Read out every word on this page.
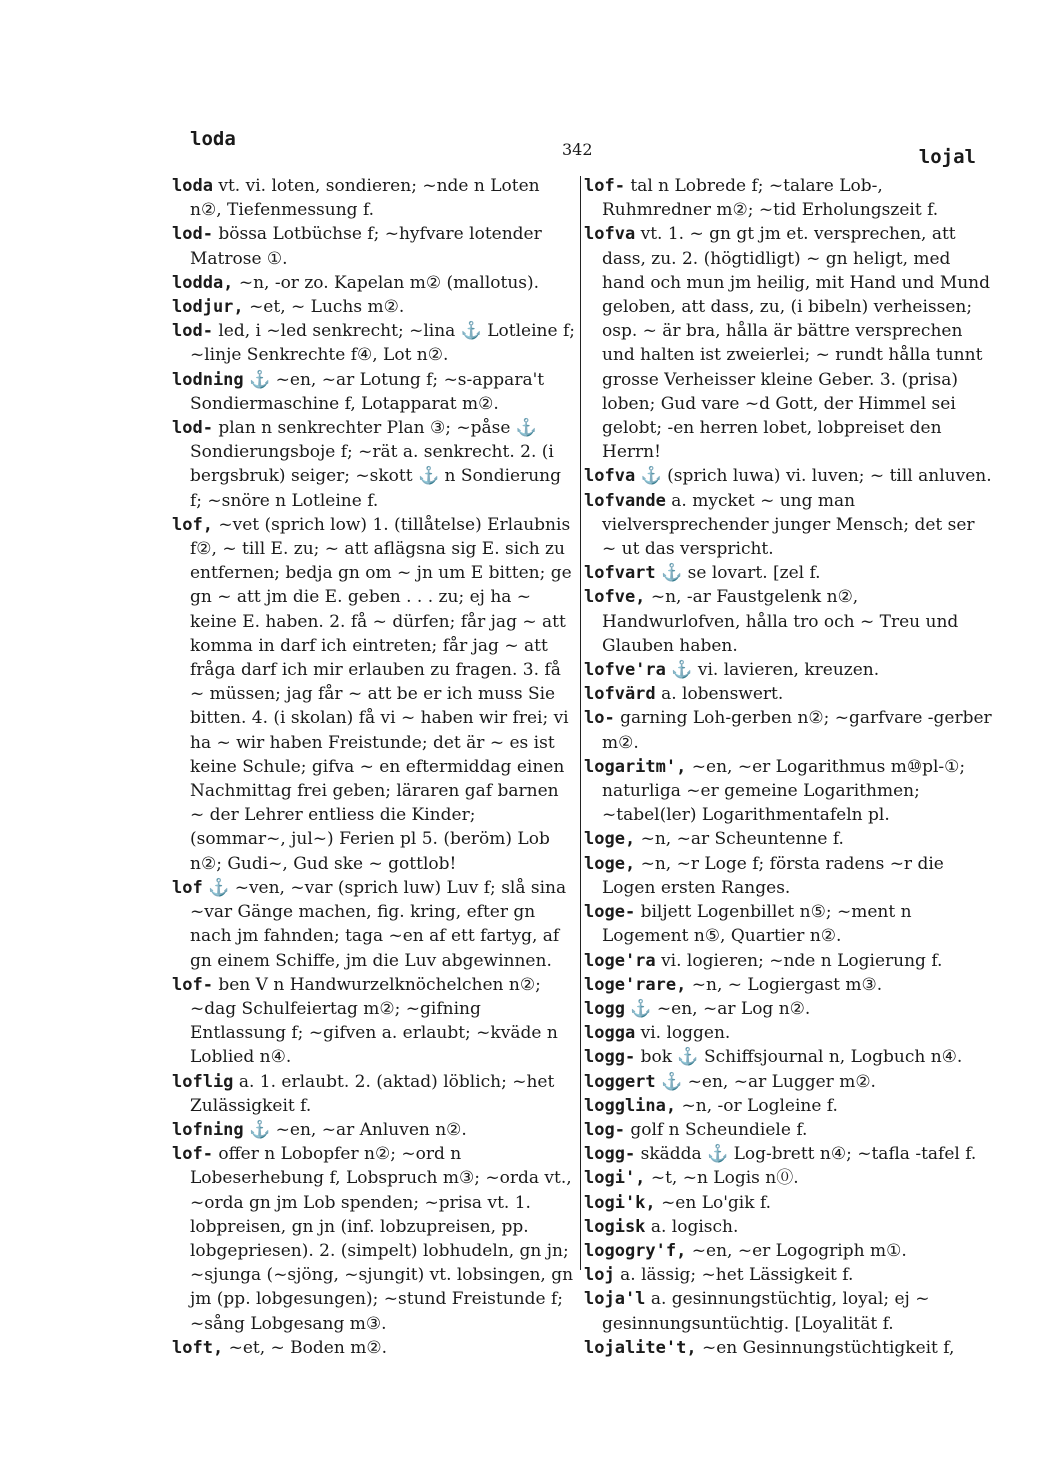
loda	342	lojal

loda vt. vi. loten, sondieren; ~nde n Loten n②, Tiefenmessung f.

lod- bössa Lotbüchse f; ~hyfvare lotender Matrose ①.

lodda, ~n, -or zo. Kapelan m② (mallotus).

lodjur, ~et, ~ Luchs m②.

lod- led, i ~led senkrecht; ~lina ⚓ Lotleine f; ~linje Senkrechte f④, Lot n②.

lodning ⚓ ~en, ~ar Lotung f; ~s-appara't Sondiermaschine f, Lotapparat m②.

lod- plan n senkrechter Plan ③; ~påse ⚓ Sondierungsboje f; ~rät a. senkrecht. 2. (i bergsbruk) seiger; ~skott ⚓ n Sondierung f; ~snöre n Lotleine f.

lof, ~vet (sprich low) 1. (tillåtelse) Erlaubnis f②, ~ till E. zu; ~ att aflägsna sig E. sich zu entfernen; bedja gn om ~ jn um E bitten; ge gn ~ att jm die E. geben . . . zu; ej ha ~ keine E. haben. 2. få ~ dürfen; får jag ~ att komma in darf ich eintreten; får jag ~ att fråga darf ich mir erlauben zu fragen. 3. få ~ müssen; jag får ~ att be er ich muss Sie bitten. 4. (i skolan) få vi ~ haben wir frei; vi ha ~ wir haben Freistunde; det är ~ es ist keine Schule; gifva ~ en eftermiddag einen Nachmittag frei geben; läraren gaf barnen ~ der Lehrer entliess die Kinder; (sommar~, jul~) Ferien pl 5. (beröm) Lob n②; Gudi~, Gud ske ~ gottlob!

lof ⚓ ~ven, ~var (sprich luw) Luv f; slå sina ~var Gänge machen, fig. kring, efter gn nach jm fahnden; taga ~en af ett fartyg, af gn einem Schiffe, jm die Luv abgewinnen.

lof- ben V n Handwurzelknöchelchen n②; ~dag Schulfeiertag m②; ~gifning Entlassung f; ~gifven a. erlaubt; ~kväde n Loblied n④.

loflig a. 1. erlaubt. 2. (aktad) löblich; ~het Zulässigkeit f.

lofning ⚓ ~en, ~ar Anluven n②.

lof- offer n Lobopfer n②; ~ord n Lobeserhebung f, Lobspruch m③; ~orda vt., ~orda gn jm Lob spenden; ~prisa vt. 1. lobpreisen, gn jn (inf. lobzupreisen, pp. lobgepriesen). 2. (simpelt) lobhudeln, gn jn; ~sjunga (~sjöng, ~sjungit) vt. lobsingen, gn jm (pp. lobgesungen); ~stund Freistunde f; ~sång Lobgesang m③.

loft, ~et, ~ Boden m②.

lof- tal n Lobrede f; ~talare Lob-, Ruhmredner m②; ~tid Erholungszeit f.

lofva vt. 1. ~ gn gt jm et. versprechen, att dass, zu. 2. (högtidligt) ~ gn heligt, med hand och mun jm heilig, mit Hand und Mund geloben, att dass, zu, (i bibeln) verheissen; osp. ~ är bra, hålla är bättre versprechen und halten ist zweierlei; ~ rundt hålla tunnt grosse Verheisser kleine Geber. 3. (prisa) loben; Gud vare ~d Gott, der Himmel sei gelobt; -en herren lobet, lobpreiset den Herrn!

lofva ⚓ (sprich luwa) vi. luven; ~ till anluven.

lofvande a. mycket ~ ung man vielversprechender junger Mensch; det ser ~ ut das verspricht.

lofvart ⚓ se lovart. [zel f.

lofve, ~n, -ar Faustgelenk n②, Handwurlofven, hålla tro och ~ Treu und Glauben haben.

lofve'ra ⚓ vi. lavieren, kreuzen.

lofvärd a. lobenswert.

lo- garning Loh-gerben n②; ~garfvare -gerber m②.

logaritm', ~en, ~er Logarithmus m⑩pl-①; naturliga ~er gemeine Logarithmen; ~tabel(ler) Logarithmentafeln pl.

loge, ~n, ~ar Scheuntenne f.

loge, ~n, ~r Loge f; första radens ~r die Logen ersten Ranges.

loge- biljett Logenbillet n⑤; ~ment n Logement n⑤, Quartier n②.

loge'ra vi. logieren; ~nde n Logierung f.

loge'rare, ~n, ~ Logiergast m③.

logg ⚓ ~en, ~ar Log n②.

logga vi. loggen.

logg- bok ⚓ Schiffsjournal n, Logbuch n④.

loggert ⚓ ~en, ~ar Lugger m②.

logglina, ~n, -or Logleine f.

log- golf n Scheundiele f.

logg- skädda ⚓ Log-brett n④; ~tafla -tafel f.

logi', ~t, ~n Logis n⓪.

logi'k, ~en Lo'gik f.

logisk a. logisch.

logogry'f, ~en, ~er Logogriph m①.

loj a. lässig; ~het Lässigkeit f.

loja'l a. gesinnungstüchtig, loyal; ej ~ gesinnungsuntüchtig. [Loyalität f.

lojalite't, ~en Gesinnungstüchtigkeit f,
